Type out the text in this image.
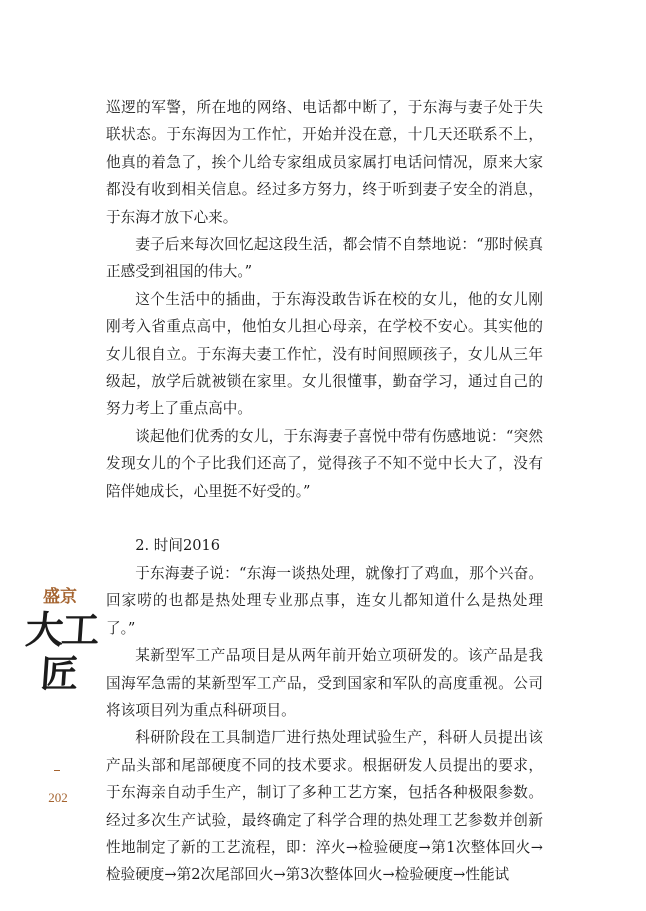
巡逻的军警，所在地的网络、电话都中断了，于东海与妻子处于失联状态。于东海因为工作忙，开始并没在意，十几天还联系不上，他真的着急了，挨个儿给专家组成员家属打电话问情况，原来大家都没有收到相关信息。经过多方努力，终于听到妻子安全的消息，于东海才放下心来。

妻子后来每次回忆起这段生活，都会情不自禁地说：“那时候真正感受到祖国的伟大。”

这个生活中的插曲，于东海没敢告诉在校的女儿，他的女儿刚刚考入省重点高中，他怕女儿担心母亲，在学校不安心。其实他的女儿很自立。于东海夫妻工作忙，没有时间照顾孩子，女儿从三年级起，放学后就被锁在家里。女儿很懂事，勤奋学习，通过自己的努力考上了重点高中。

谈起他们优秀的女儿，于东海妻子喜悦中带有伤感地说：“突然发现女儿的个子比我们还高了，觉得孩子不知不觉中长大了，没有陪伴她成长，心里挺不好受的。”

2. 时间2016

于东海妻子说：“东海一谈热处理，就像打了鸡血，那个兴奋。回家唠的也都是热处理专业那点事，连女儿都知道什么是热处理了。”

某新型军工产品项目是从两年前开始立项研发的。该产品是我国海军急需的某新型军工产品，受到国家和军队的高度重视。公司将该项目列为重点科研项目。

科研阶段在工具制造厂进行热处理试验生产，科研人员提出该产品头部和尾部硬度不同的技术要求。根据研发人员提出的要求，于东海亲自动手生产，制订了多种工艺方案，包括各种极限参数。经过多次生产试验，最终确定了科学合理的热处理工艺参数并创新性地制定了新的工艺流程，即：淬火→检验硬度→第1次整体回火→检验硬度→第2次尾部回火→第3次整体回火→检验硬度→性能试

盛京
大工匠
202
